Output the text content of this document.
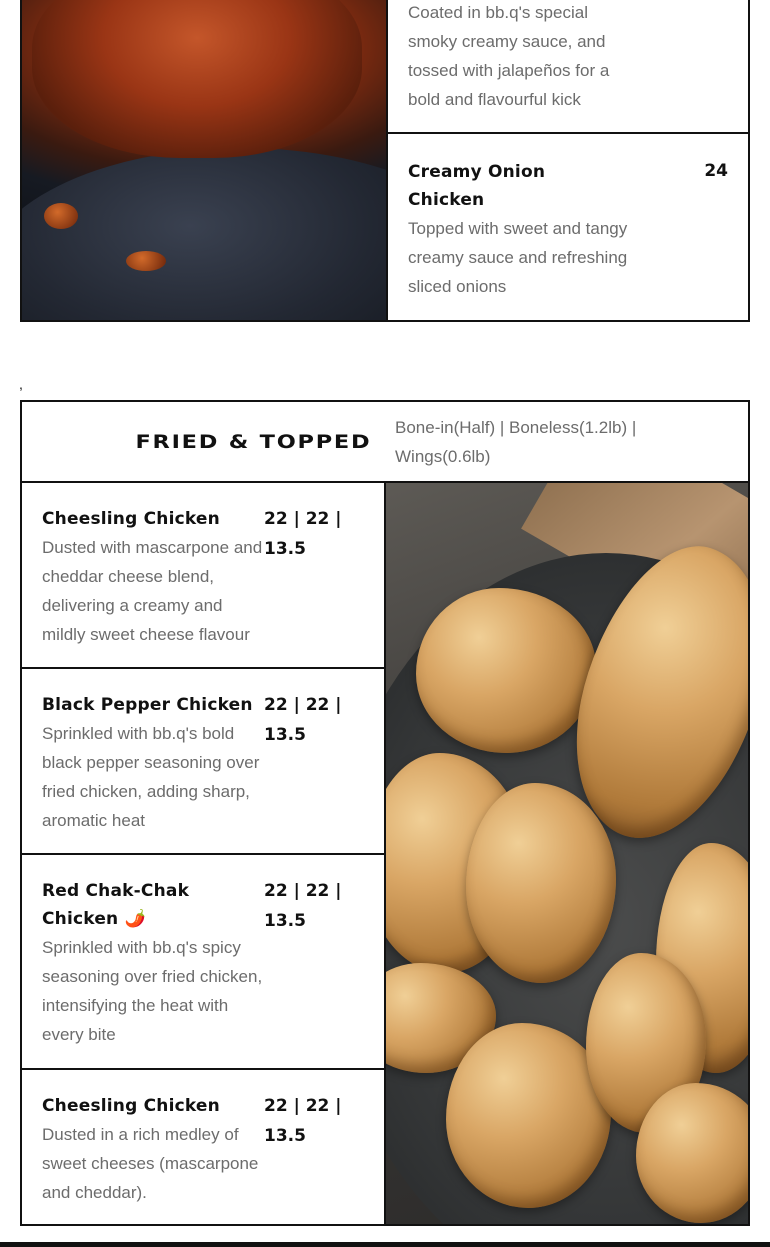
Coated in bb.q's special smoky creamy sauce, and tossed with jalapeños for a bold and flavourful kick

Creamy Onion Chicken

24

Topped with sweet and tangy creamy sauce and refreshing sliced onions

,
FRIED & TOPPED
Bone-in(Half) | Boneless(1.2lb) | Wings(0.6lb)

Cheesling Chicken	22 | 22 | 13.5

Dusted with mascarpone and cheddar cheese blend, delivering a creamy and mildly sweet cheese flavour

Black Pepper Chicken 22 | 22 | 13.5

Sprinkled with bb.q's bold black pepper seasoning over fried chicken, adding sharp, aromatic heat

Red Chak-Chak Chicken 🌶️

22 | 22 | 13.5

Sprinkled with bb.q's spicy seasoning over fried chicken, intensifying the heat with every bite

Cheesling Chicken	22 | 22 | 13.5

Dusted in a rich medley of sweet cheeses (mascarpone and cheddar).
